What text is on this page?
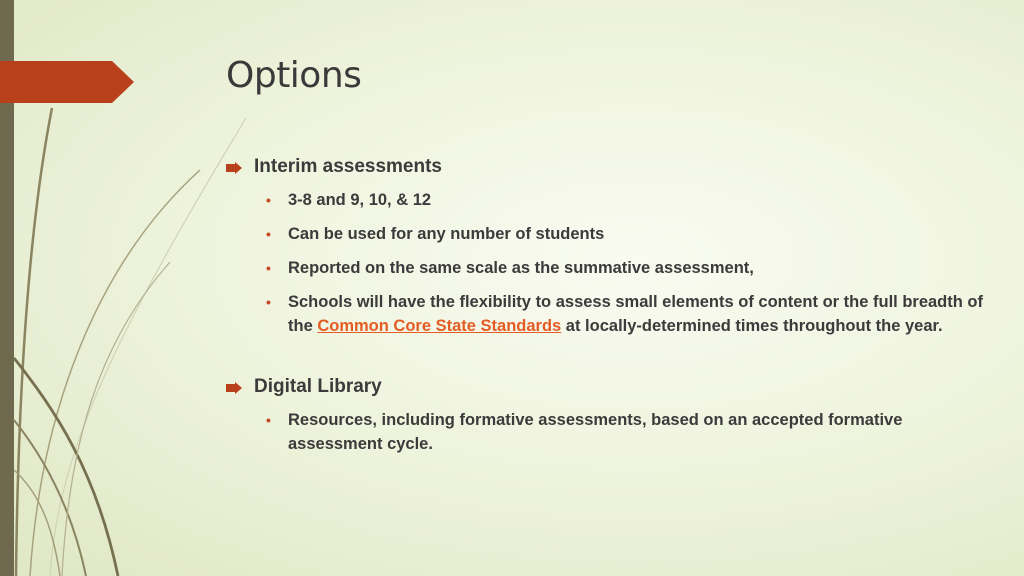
Options
Interim assessments
• 3-8 and 9, 10, & 12
• Can be used for any number of students
• Reported on the same scale as the summative assessment,
• Schools will have the flexibility to assess small elements of content or the full breadth of the Common Core State Standards at locally-determined times throughout the year.
Digital Library
• Resources, including formative assessments, based on an accepted formative assessment cycle.
